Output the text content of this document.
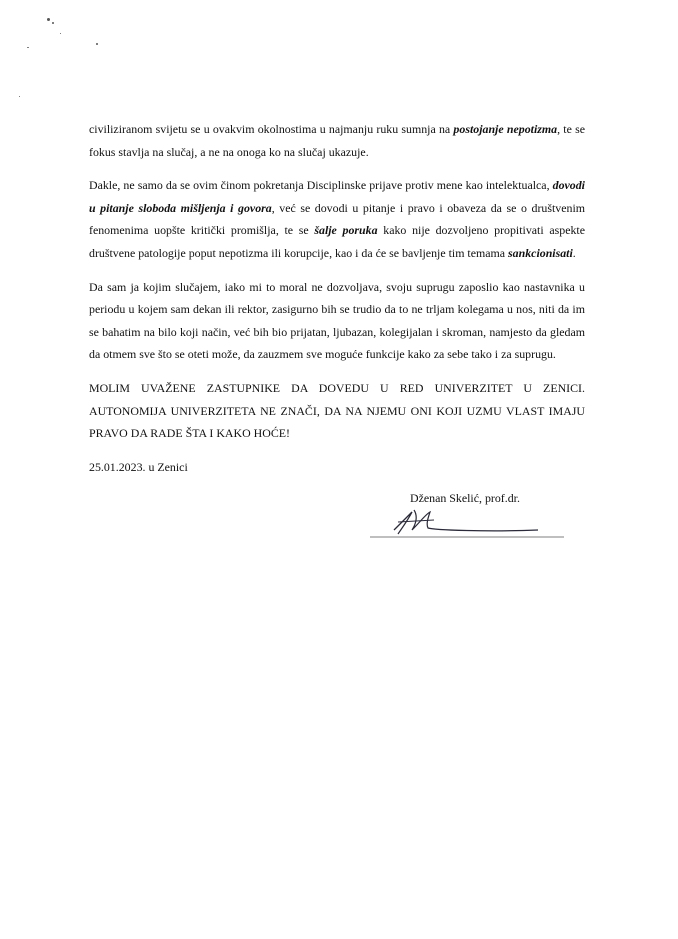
civiliziranom svijetu se u ovakvim okolnostima u najmanju ruku sumnja na postojanje nepotizma, te se fokus stavlja na slučaj, a ne na onoga ko na slučaj ukazuje.

Dakle, ne samo da se ovim činom pokretanja Disciplinske prijave protiv mene kao intelektualca, dovodi u pitanje sloboda mišljenja i govora, već se dovodi u pitanje i pravo i obaveza da se o društvenim fenomenima uopšte kritički promišlja, te se šalje poruka kako nije dozvoljeno propitivati aspekte društvene patologije poput nepotizma ili korupcije, kao i da će se bavljenje tim temama sankcionisati.

Da sam ja kojim slučajem, iako mi to moral ne dozvoljava, svoju suprugu zaposlio kao nastavnika u periodu u kojem sam dekan ili rektor, zasigurno bih se trudio da to ne trljam kolegama u nos, niti da im se bahatim na bilo koji način, već bih bio prijatan, ljubazan, kolegijalan i skroman, namjesto da gledam da otmem sve što se oteti može, da zauzmem sve moguće funkcije kako za sebe tako i za suprugu.

MOLIM UVAŽENE ZASTUPNIKE DA DOVEDU U RED UNIVERZITET U ZENICI. AUTONOMIJA UNIVERZITETA NE ZNAČI, DA NA NJEMU ONI KOJI UZMU VLAST IMAJU PRAVO DA RADE ŠTA I KAKO HOĆE!

25.01.2023. u Zenici

Dženan Skelić, prof.dr.
